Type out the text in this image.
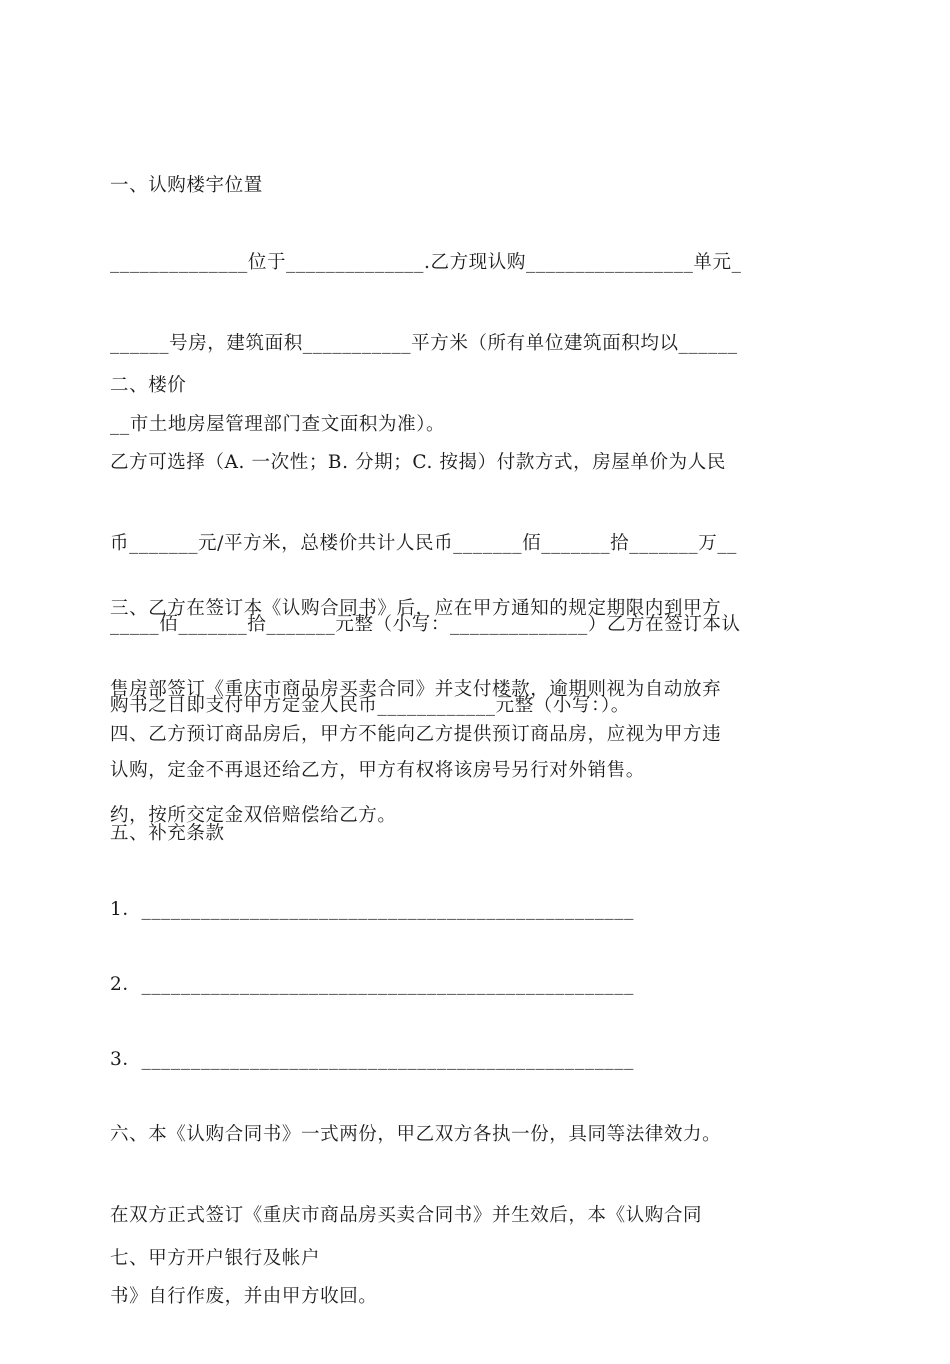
一、认购楼宇位置

______________位于______________.乙方现认购_________________单元_

______号房，建筑面积___________平方米（所有单位建筑面积均以______

__市土地房屋管理部门查文面积为准）。

二、楼价

乙方可选择（A. 一次性；B. 分期；C. 按揭）付款方式，房屋单价为人民

币_______元/平方米，总楼价共计人民币_______佰_______拾_______万__

_____佰_______拾_______元整（小写：______________）乙方在签订本认

购书之日即支付甲方定金人民币____________元整（小写：）。

三、乙方在签订本《认购合同书》后，应在甲方通知的规定期限内到甲方

售房部签订《重庆市商品房买卖合同》并支付楼款，逾期则视为自动放弃

认购，定金不再退还给乙方，甲方有权将该房号另行对外销售。

四、乙方预订商品房后，甲方不能向乙方提供预订商品房，应视为甲方违

约，按所交定金双倍赔偿给乙方。

五、补充条款

1．__________________________________________________

2．__________________________________________________

3．__________________________________________________

六、本《认购合同书》一式两份，甲乙双方各执一份，具同等法律效力。

在双方正式签订《重庆市商品房买卖合同书》并生效后，本《认购合同

书》自行作废，并由甲方收回。

七、甲方开户银行及帐户
